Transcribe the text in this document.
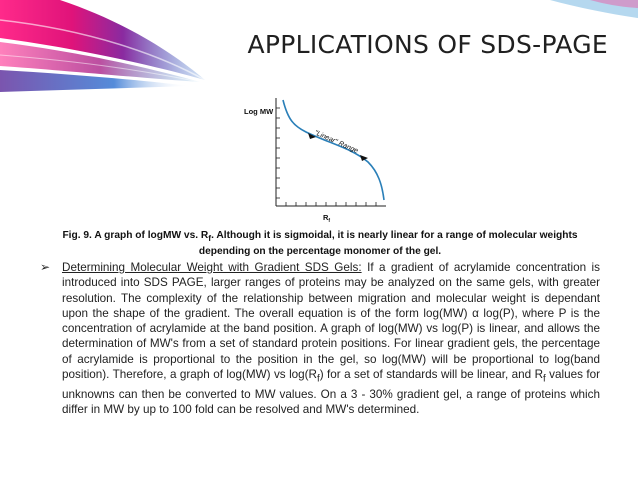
APPLICATIONS OF SDS-PAGE
Log MW
"Linear" Range
$R_f$
Fig. 9. A graph of logMW vs. $R_f$. Although it is sigmoidal, it is nearly linear for a range of molecular weights depending on the percentage monomer of the gel.
➢ Determining Molecular Weight with Gradient SDS Gels: If a gradient of acrylamide concentration is introduced into SDS PAGE, larger ranges of proteins may be analyzed on the same gels, with greater resolution. The complexity of the relationship between migration and molecular weight is dependant upon the shape of the gradient. The overall equation is of the form log(MW) α log(P), where P is the concentration of acrylamide at the band position. A graph of log(MW) vs log(P) is linear, and allows the determination of MW's from a set of standard protein positions. For linear gradient gels, the percentage of acrylamide is proportional to the position in the gel, so log(MW) will be proportional to log(band position). Therefore, a graph of log(MW) vs $\log(R_f)$ for a set of standards will be linear, and $R_f$ values for unknowns can then be converted to MW values. On a 3 - 30% gradient gel, a range of proteins which differ in MW by up to 100 fold can be resolved and MW's determined.
